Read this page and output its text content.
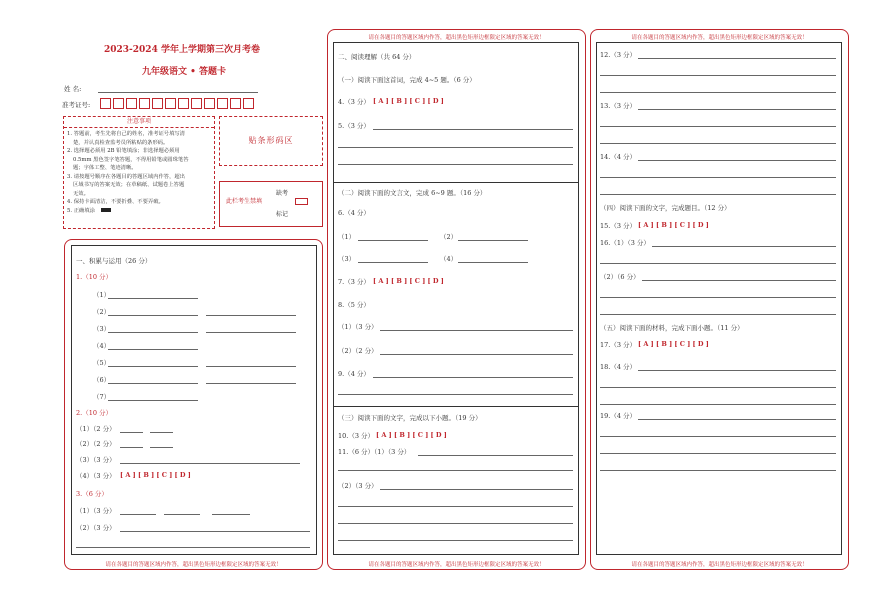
2023-2024 学年上学期第三次月考卷
九年级语文 • 答题卡
姓 名:
准考证号:
注意事项
1. 答题前，考生先将自己的姓名，准考证号填写清
楚，并认真检查监考员所粘贴的条形码。
2. 选择题必须用 2B 铅笔填涂；非选择题必须用
0.5mm 黑色签字笔答题，不得用铅笔或圆珠笔答
题；字体工整、笔迹清晰。
3. 请按题号顺序在各题目的答题区域内作答，超出
区域书写的答案无效；在草稿纸、试题卷上答题
无效。
4. 保持卡面清洁，不要折叠、不要弄破。
5. 正确填涂
贴条形码区
此栏考生禁填
缺考
标记
一、积累与运用（26 分）
1.（10 分）
（1）
（2）
（3）
（4）
（5）
（6）
（7）
2.（10 分）
（1）（2 分）
（2）（2 分）
（3）（3 分）
（4）（3 分） [ A ] [ B ] [ C ] [ D ]
3.（6 分）
（1）（3 分）
（2）（3 分）
请在各题目的答题区域内作答，超出黑色矩形边框限定区域的答案无效！
请在各题目的答题区域内作答，超出黑色矩形边框限定区域的答案无效！
二、阅读理解（共 64 分）
（一）阅读下面这首词，完成 4~5 题。（6 分）
4.（3 分） [ A ] [ B ] [ C ] [ D ]
5.（3 分）
（二）阅读下面的文言文，完成 6~9 题。（16 分）
6.（4 分）
（1）	（2）
（3）	（4）
7.（3 分） [ A ] [ B ] [ C ] [ D ]
8.（5 分）
（1）（3 分）
（2）（2 分）
9.（4 分）
（三）阅读下面的文字，完成以下小题。（19 分）
10.（3 分） [ A ] [ B ] [ C ] [ D ]
11.（6 分）（1）（3 分）
（2）（3 分）
请在各题目的答题区域内作答，超出黑色矩形边框限定区域的答案无效！
请在各题目的答题区域内作答，超出黑色矩形边框限定区域的答案无效！
12.（3 分）
13.（3 分）
14.（4 分）
（四）阅读下面的文字，完成题目。（12 分）
15.（3 分） [ A ] [ B ] [ C ] [ D ]
16.（1）（3 分）
（2）（6 分）
（五）阅读下面的材料，完成下面小题。（11 分）
17.（3 分） [ A ] [ B ] [ C ] [ D ]
18.（4 分）
19.（4 分）
请在各题目的答题区域内作答，超出黑色矩形边框限定区域的答案无效！
